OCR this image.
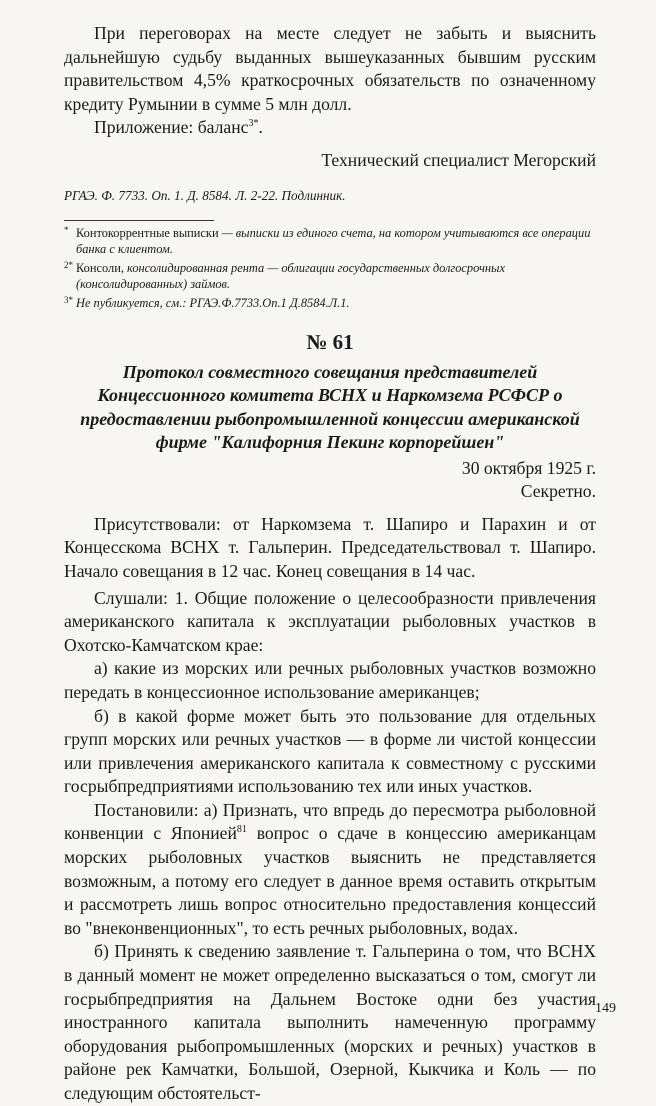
При переговорах на месте следует не забыть и выяснить дальнейшую судьбу выданных вышеуказанных бывшим русским правительством 4,5% краткосрочных обязательств по означенному кредиту Румынии в сумме 5 млн долл.

Приложение: баланс$^{3*}$.

Технический специалист Мегорский

РГАЭ. Ф. 7733. Оп. 1. Д. 8584. Л. 2-22. Подлинник.

* Контокоррентные выписки — выписки из единого счета, на котором учитываются все операции банка с клиентом.

2* Консоли, консолидированная рента — облигации государственных долгосрочных (консолидированных) займов.

3* Не публикуется, см.: РГАЭ.Ф.7733.Оп.1 Д.8584.Л.1.

№ 61
Протокол совместного совещания представителей Концессионного комитета ВСНХ и Наркомзема РСФСР о предоставлении рыбопромышленной концессии американской фирме "Калифорния Пекинг корпорейшен"

30 октября 1925 г.

Секретно.

Присутствовали: от Наркомзема т. Шапиро и Парахин и от Концесскома ВСНХ т. Гальперин. Председательствовал т. Шапиро. Начало совещания в 12 час. Конец совещания в 14 час.

Слушали: 1. Общие положение о целесообразности привлечения американского капитала к эксплуатации рыболовных участков в Охотско-Камчатском крае:

а) какие из морских или речных рыболовных участков возможно передать в концессионное использование американцев;

б) в какой форме может быть это пользование для отдельных групп морских или речных участков — в форме ли чистой концессии или привлечения американского капитала к совместному с русскими госрыбпредприятиями использованию тех или иных участков.

Постановили: а) Признать, что впредь до пересмотра рыболовной конвенции с Японией$^{81}$ вопрос о сдаче в концессию американцам морских рыболовных участков выяснить не представляется возможным, а потому его следует в данное время оставить открытым и рассмотреть лишь вопрос относительно предоставления концессий во "внеконвенционных", то есть речных рыболовных, водах.

б) Принять к сведению заявление т. Гальперина о том, что ВСНХ в данный момент не может определенно высказаться о том, смогут ли госрыбпредприятия на Дальнем Востоке одни без участия иностранного капитала выполнить намеченную программу оборудования рыбопромышленных (морских и речных) участков в районе рек Камчатки, Большой, Озерной, Кыкчика и Коль — по следующим обстоятельст-

149
